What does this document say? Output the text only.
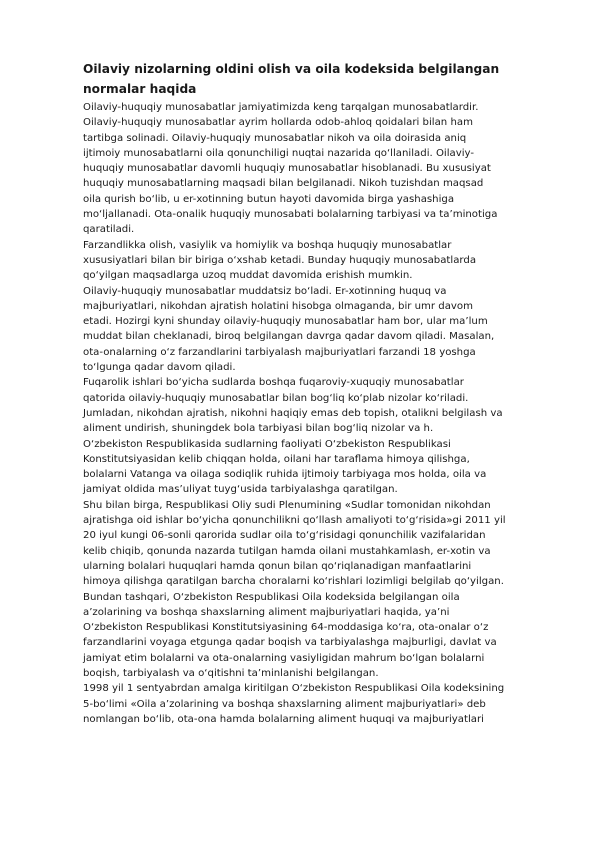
Oilaviy nizolarning oldini olish va oila kodeksida belgilangan
normalar haqida

Oilaviy-huquqiy munosabatlar jamiyatimizda keng tarqalgan munosabatlardir.
Oilaviy-huquqiy munosabatlar ayrim hollarda odob-ahloq qoidalari bilan ham
tartibga solinadi. Oilaviy-huquqiy munosabatlar nikoh va oila doirasida aniq
ijtimoiy munosabatlarni oila qonunchiligi nuqtai nazarida qo‘llaniladi. Oilaviy-
huquqiy munosabatlar davomli huquqiy munosabatlar hisoblanadi. Bu xususiyat
huquqiy munosabatlarning maqsadi bilan belgilanadi. Nikoh tuzishdan maqsad
oila qurish bo‘lib, u er-xotinning butun hayoti davomida birga yashashiga
mo‘ljallanadi. Ota-onalik huquqiy munosabati bolalarning tarbiyasi va ta’minotiga
qaratiladi.

Farzandlikka olish, vasiylik va homiylik va boshqa huquqiy munosabatlar
xususiyatlari bilan bir biriga o‘xshab ketadi. Bunday huquqiy munosabatlarda
qo‘yilgan maqsadlarga uzoq muddat davomida erishish mumkin.

Oilaviy-huquqiy munosabatlar muddatsiz bo‘ladi. Er-xotinning huquq va
majburiyatlari, nikohdan ajratish holatini hisobga olmaganda, bir umr davom
etadi. Hozirgi kyni shunday oilaviy-huquqiy munosabatlar ham bor, ular ma’lum
muddat bilan cheklanadi, biroq belgilangan davrga qadar davom qiladi. Masalan,
ota-onalarning o‘z farzandlarini tarbiyalash majburiyatlari farzandi 18 yoshga
to‘lgunga qadar davom qiladi.

Fuqarolik ishlari bo‘yicha sudlarda boshqa fuqaroviy-xuquqiy munosabatlar
qatorida oilaviy-huquqiy munosabatlar bilan bog‘liq ko‘plab nizolar ko‘riladi.
Jumladan, nikohdan ajratish, nikohni haqiqiy emas deb topish, otalikni belgilash va
aliment undirish, shuningdek bola tarbiyasi bilan bog‘liq nizolar va h.

O‘zbekiston Respublikasida sudlarning faoliyati O‘zbekiston Respublikasi
Konstitutsiyasidan kelib chiqqan holda, oilani har taraflama himoya qilishga,
bolalarni Vatanga va oilaga sodiqlik ruhida ijtimoiy tarbiyaga mos holda, oila va
jamiyat oldida mas’uliyat tuyg‘usida tarbiyalashga qaratilgan.

Shu bilan birga, Respublikasi Oliy sudi Plenumining «Sudlar tomonidan nikohdan
ajratishga oid ishlar bo‘yicha qonunchilikni qo‘llash amaliyoti to‘g‘risida»gi 2011 yil
20 iyul kungi 06-sonli qarorida sudlar oila to‘g‘risidagi qonunchilik vazifalaridan
kelib chiqib, qonunda nazarda tutilgan hamda oilani mustahkamlash, er-xotin va
ularning bolalari huquqlari hamda qonun bilan qo‘riqlanadigan manfaatlarini
himoya qilishga qaratilgan barcha choralarni ko‘rishlari lozimligi belgilab qo‘yilgan.

Bundan tashqari, O‘zbekiston Respublikasi Oila kodeksida belgilangan oila
a’zolarining va boshqa shaxslarning aliment majburiyatlari haqida, ya’ni
O‘zbekiston Respublikasi Konstitutsiyasining 64-moddasiga ko‘ra, ota-onalar o‘z
farzandlarini voyaga etgunga qadar boqish va tarbiyalashga majburligi, davlat va
jamiyat etim bolalarni va ota-onalarning vasiyligidan mahrum bo‘lgan bolalarni
boqish, tarbiyalash va o‘qitishni ta’minlanishi belgilangan.

1998 yil 1 sentyabrdan amalga kiritilgan O‘zbekiston Respublikasi Oila kodeksining
5-bo‘limi «Oila a’zolarining va boshqa shaxslarning aliment majburiyatlari» deb
nomlangan bo‘lib, ota-ona hamda bolalarning aliment huquqi va majburiyatlari
